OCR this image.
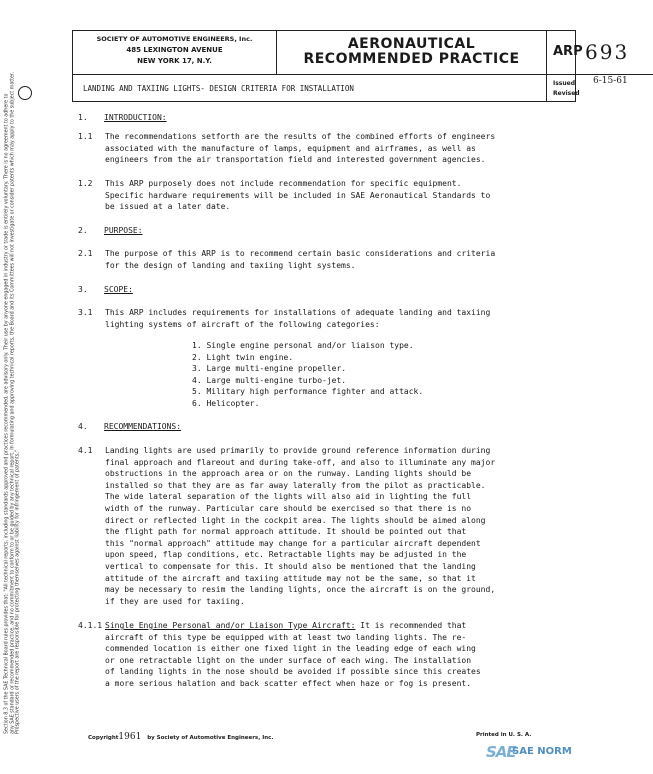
Section 8.3 of the SAE Technical Board rules provides that: "All technical reports, including standards approved and practices recommended, are advisory only. Their use by anyone engaged in industry or trade is entirely voluntary. There is no agreement to adhere to any SAE standard or recommended practice, and no commitment to conform to or be guided by any technical report. In formulating and approving technical reports, the Board and its Committees will not investigate or consider patents which may apply to the subject matter. Prospective users of the report are responsible for protecting themselves against liability for infringement of patents."
SOCIETY OF AUTOMOTIVE ENGINEERS, Inc.
485 LEXINGTON AVENUE
NEW YORK 17, N.Y.
AERONAUTICAL
RECOMMENDED PRACTICE	ARP 693
LANDING AND TAXIING LIGHTS- DESIGN CRITERIA FOR INSTALLATION
Issued 6-15-61
Revised
1. INTRODUCTION:
1.1 The recommendations setforth are the results of the combined efforts of engineers
associated with the manufacture of lamps, equipment and airframes, as well as
engineers from the air transportation field and interested government agencies.
1.2 This ARP purposely does not include recommendation for specific equipment.
Specific hardware requirements will be included in SAE Aeronautical Standards to
be issued at a later date.
2. PURPOSE:
2.1 The purpose of this ARP is to recommend certain basic considerations and criteria
for the design of landing and taxiing light systems.
3. SCOPE:
3.1 This ARP includes requirements for installations of adequate landing and taxiing
lighting systems of aircraft of the following categories:
1. Single engine personal and/or liaison type.
2. Light twin engine.
3. Large multi-engine propeller.
4. Large multi-engine turbo-jet.
5. Military high performance fighter and attack.
6. Helicopter.
4. RECOMMENDATIONS:
4.1 Landing lights are used primarily to provide ground reference information during
final approach and flareout and during take-off, and also to illuminate any major
obstructions in the approach area or on the runway. Landing lights should be
installed so that they are as far away laterally from the pilot as practicable.
The wide lateral separation of the lights will also aid in lighting the full
width of the runway. Particular care should be exercised so that there is no
direct or reflected light in the cockpit area. The lights should be aimed along
the flight path for normal approach attitude. It should be pointed out that
this "normal approach" attitude may change for a particular aircraft dependent
upon speed, flap conditions, etc. Retractable lights may be adjusted in the
vertical to compensate for this. It should also be mentioned that the landing
attitude of the aircraft and taxiing attitude may not be the same, so that it
may be necessary to resim the landing lights, once the aircraft is on the ground,
if they are used for taxiing.
4.1.1 Single Engine Personal and/or Liaison Type Aircraft: It is recommended that
aircraft of this type be equipped with at least two landing lights. The re-
commended location is either one fixed light in the leading edge of each wing
or one retractable light on the under surface of each wing. The installation
of landing lights in the nose should be avoided if possible since this creates
a more serious halation and back scatter effect when haze or fog is present.
Copyright1961 by Society of Automotive Engineers, Inc.	Printed in U. S. A.
SAE
SAE NORM
